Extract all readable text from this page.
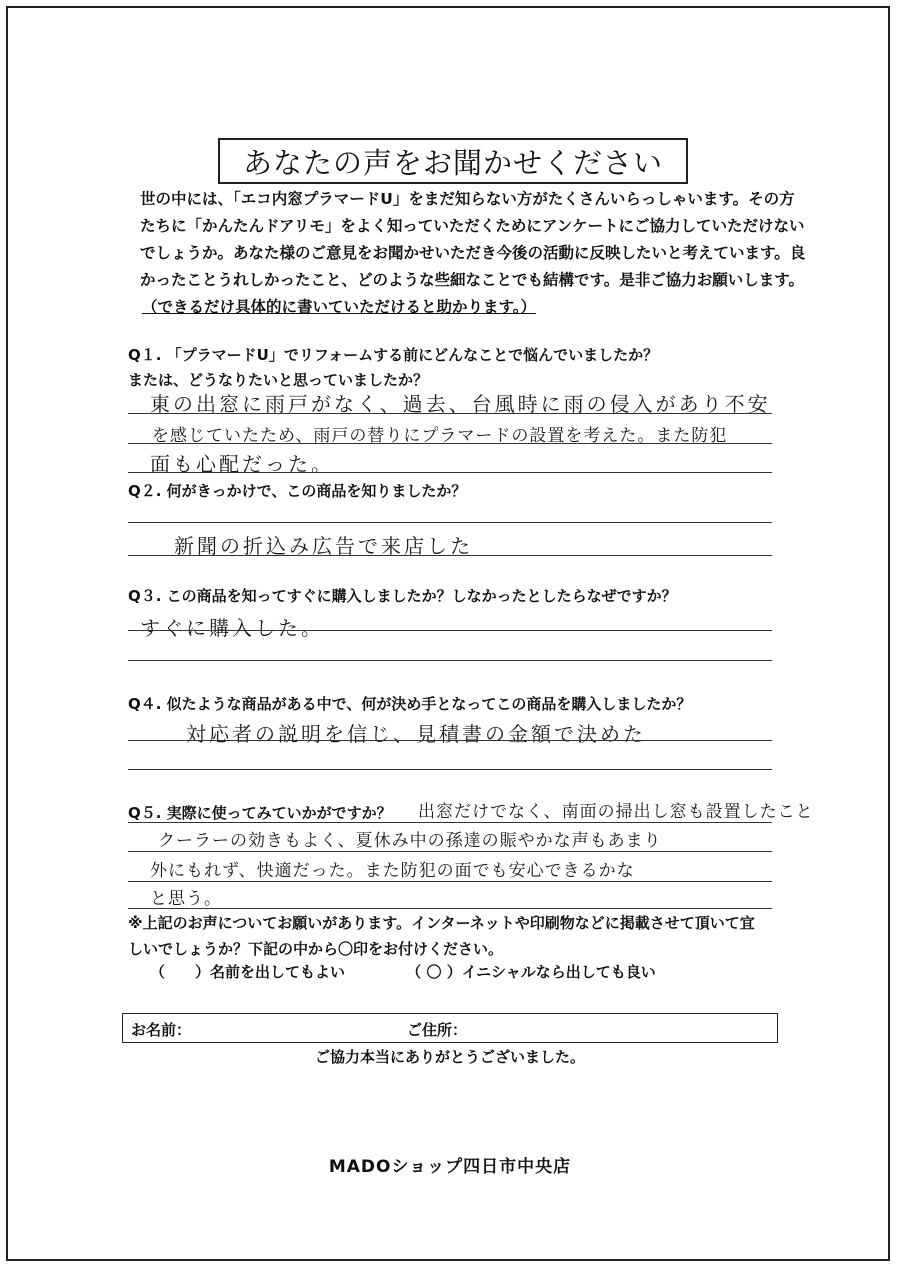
あなたの声をお聞かせください

世の中には、「エコ内窓プラマードU」をまだ知らない方がたくさんいらっしゃいます。その方

たちに「かんたんドアリモ」をよく知っていただくためにアンケートにご協力していただけない

でしょうか。あなた様のご意見をお聞かせいただき今後の活動に反映したいと考えています。良

かったことうれしかったこと、どのような些細なことでも結構です。是非ご協力お願いします。

（できるだけ具体的に書いていただけると助かります。）

Q１. 「プラマードU」でリフォームする前にどんなことで悩んでいましたか？
または、どうなりたいと思っていましたか？
東の出窓に雨戸がなく、過去、台風時に雨の侵入があり不安
を感じていたため、雨戸の替りにプラマードの設置を考えた。また防犯
面も心配だった。
Q２. 何がきっかけで、この商品を知りましたか？
新聞の折込み広告で来店した
Q３. この商品を知ってすぐに購入しましたか？しなかったとしたらなぜですか？
すぐに購入した。
Q４. 似たような商品がある中で、何が決め手となってこの商品を購入しましたか？
対応者の説明を信じ、見積書の金額で決めた
Q５. 実際に使ってみていかがですか？ 出窓だけでなく、南面の掃出し窓も設置したこと
クーラーの効きもよく、夏休み中の孫達の賑やかな声もあまり
外にもれず、快適だった。また防犯の面でも安心できるかな
と思う。

※上記のお声についてお願いがあります。インターネットや印刷物などに掲載させて頂いて宜

しいでしょうか？下記の中から〇印をお付けください。
（　　）名前を出してもよい	（ 〇 ）イニシャルなら出しても良い
お名前：	ご住所：
ご協力本当にありがとうございました。
MADOショップ四日市中央店
